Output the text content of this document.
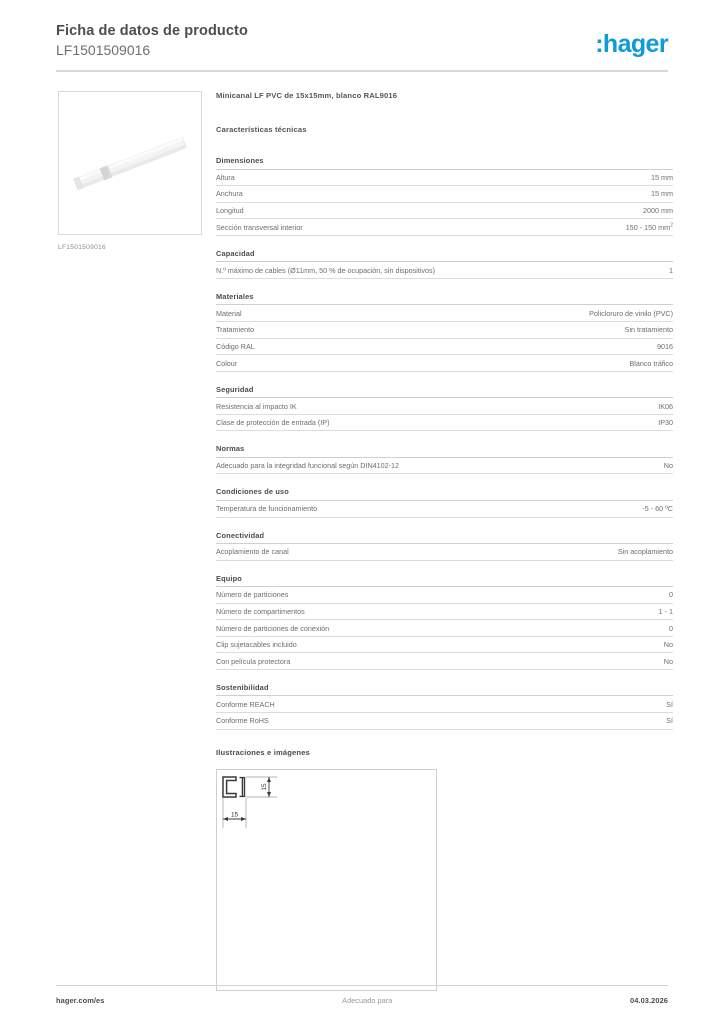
Ficha de datos de producto
LF1501509016	:hager
LF1501509016
Minicanal LF PVC de 15x15mm, blanco RAL9016
Características técnicas
Dimensiones
Altura	15 mm
Anchura	15 mm
Longitud	2000 mm
Sección transversal interior	150 - 150 $mm^2$
Capacidad
N.º máximo de cables (Ø11mm, 50 % de ocupación, sin dispositivos)	1
Materiales
Material	Policloruro de vinilo (PVC)
Tratamiento	Sin tratamiento
Código RAL	9016
Colour	Blanco tráfico
Seguridad
Resistencia al impacto IK	IK06
Clase de protección de entrada (IP)	IP30
Normas
Adecuado para la integridad funcional según DIN4102-12	No
Condiciones de uso
Temperatura de funcionamiento	-5 - 60 ºC
Conectividad
Acoplamiento de canal	Sin acoplamiento
Equipo
Número de particiones	0
Número de compartimentos	1 - 1
Número de particiones de conexión	0
Clip sujetacables incluido	No
Con película protectora	No
Sostenibilidad
Conforme REACH	Sí
Conforme RoHS	Sí
Ilustraciones e imágenes
15
15
hager.com/es	Adecuado para	04.03.2026
